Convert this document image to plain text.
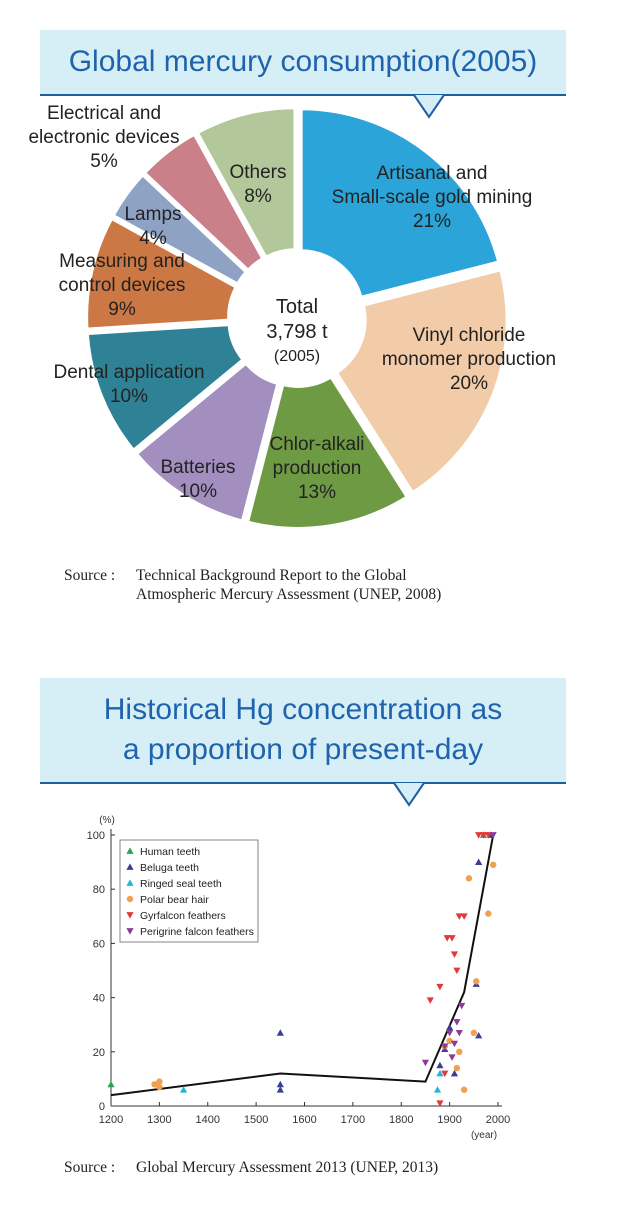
Global mercury consumption(2005)
Artisanal and Small-scale gold mining 21%
Vinyl chloride monomer production 20%
Chlor-alkali production 13%
Batteries 10%
Dental application 10%
Measuring and control devices 9%
Lamps 4%
Electrical and electronic devices 5%
Others 8%
Total
3,798 t
(2005)
Source : Technical Background Report to the Global
Atmospheric Mercury Assessment (UNEP, 2008)
Historical Hg concentration as
a proportion of present-day
0
20
40
60
80
100
1200 1300 1400 1500 1600 1700 1800 1900 2000
(%)
(year)
Human teeth
Beluga teeth
Ringed seal teeth
Polar bear hair
Gyrfalcon feathers
Perigrine falcon feathers
Source : Global Mercury Assessment 2013 (UNEP, 2013)
